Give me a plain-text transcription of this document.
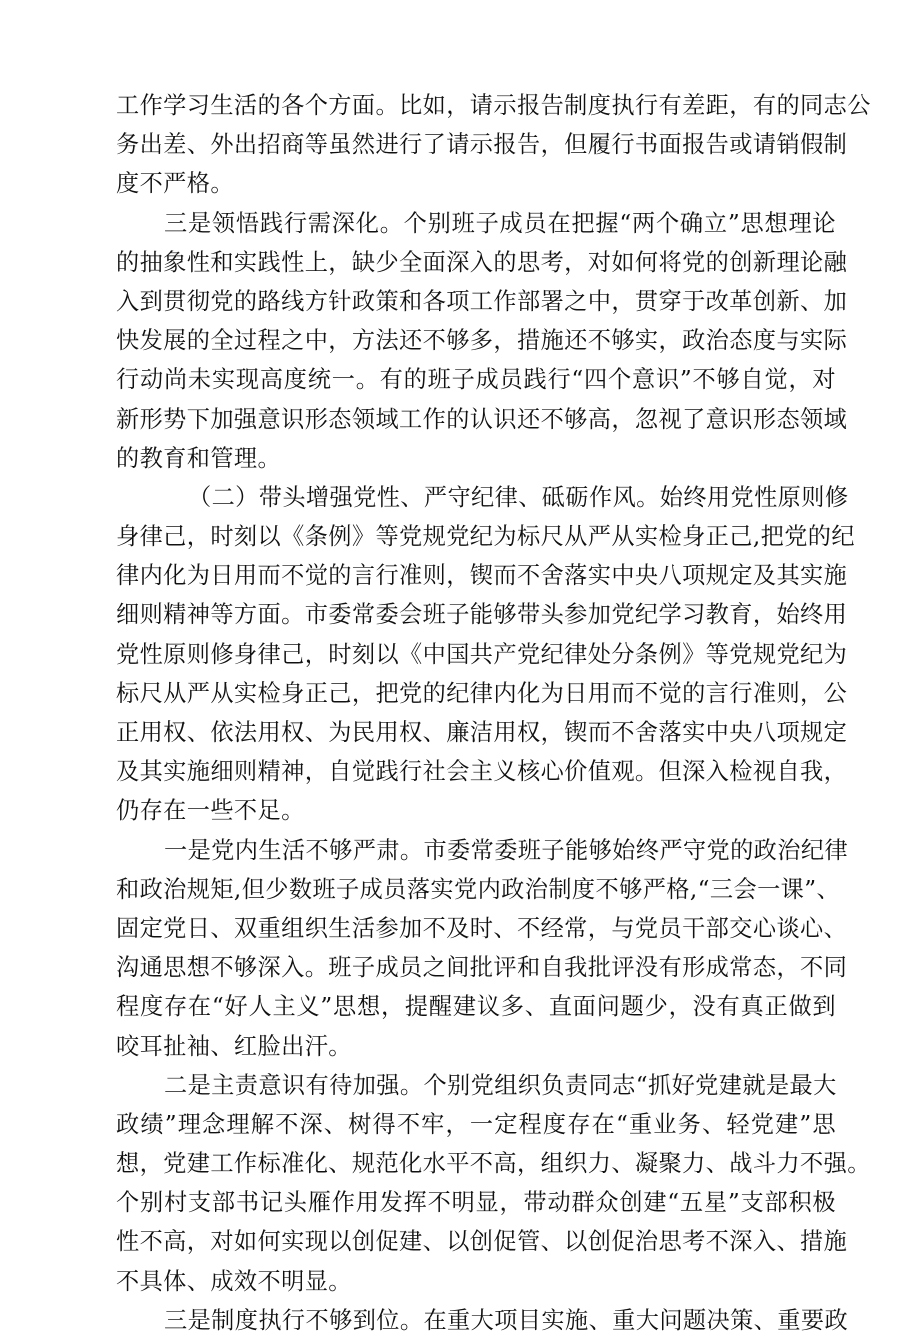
工作学习生活的各个方面。比如，请示报告制度执行有差距，有的同志公
务出差、外出招商等虽然进行了请示报告，但履行书面报告或请销假制
度不严格。
三是领悟践行需深化。个别班子成员在把握“两个确立”思想理论
的抽象性和实践性上，缺少全面深入的思考，对如何将党的创新理论融
入到贯彻党的路线方针政策和各项工作部署之中，贯穿于改革创新、加
快发展的全过程之中，方法还不够多，措施还不够实，政治态度与实际
行动尚未实现高度统一。有的班子成员践行“四个意识”不够自觉，对
新形势下加强意识形态领域工作的认识还不够高，忽视了意识形态领域
的教育和管理。
（二）带头增强党性、严守纪律、砥砺作风。始终用党性原则修
身律己，时刻以《条例》等党规党纪为标尺从严从实检身正己,把党的纪
律内化为日用而不觉的言行准则，锲而不舍落实中央八项规定及其实施
细则精神等方面。市委常委会班子能够带头参加党纪学习教育，始终用
党性原则修身律己，时刻以《中国共产党纪律处分条例》等党规党纪为
标尺从严从实检身正己，把党的纪律内化为日用而不觉的言行准则，公
正用权、依法用权、为民用权、廉洁用权，锲而不舍落实中央八项规定
及其实施细则精神，自觉践行社会主义核心价值观。但深入检视自我，
仍存在一些不足。
一是党内生活不够严肃。市委常委班子能够始终严守党的政治纪律
和政治规矩,但少数班子成员落实党内政治制度不够严格,“三会一课”、
固定党日、双重组织生活参加不及时、不经常，与党员干部交心谈心、
沟通思想不够深入。班子成员之间批评和自我批评没有形成常态，不同
程度存在“好人主义”思想，提醒建议多、直面问题少，没有真正做到
咬耳扯袖、红脸出汗。
二是主责意识有待加强。个别党组织负责同志“抓好党建就是最大
政绩”理念理解不深、树得不牢，一定程度存在“重业务、轻党建”思
想，党建工作标准化、规范化水平不高，组织力、凝聚力、战斗力不强。
个别村支部书记头雁作用发挥不明显，带动群众创建“五星”支部积极
性不高，对如何实现以创促建、以创促管、以创促治思考不深入、措施
不具体、成效不明显。
三是制度执行不够到位。在重大项目实施、重大问题决策、重要政
